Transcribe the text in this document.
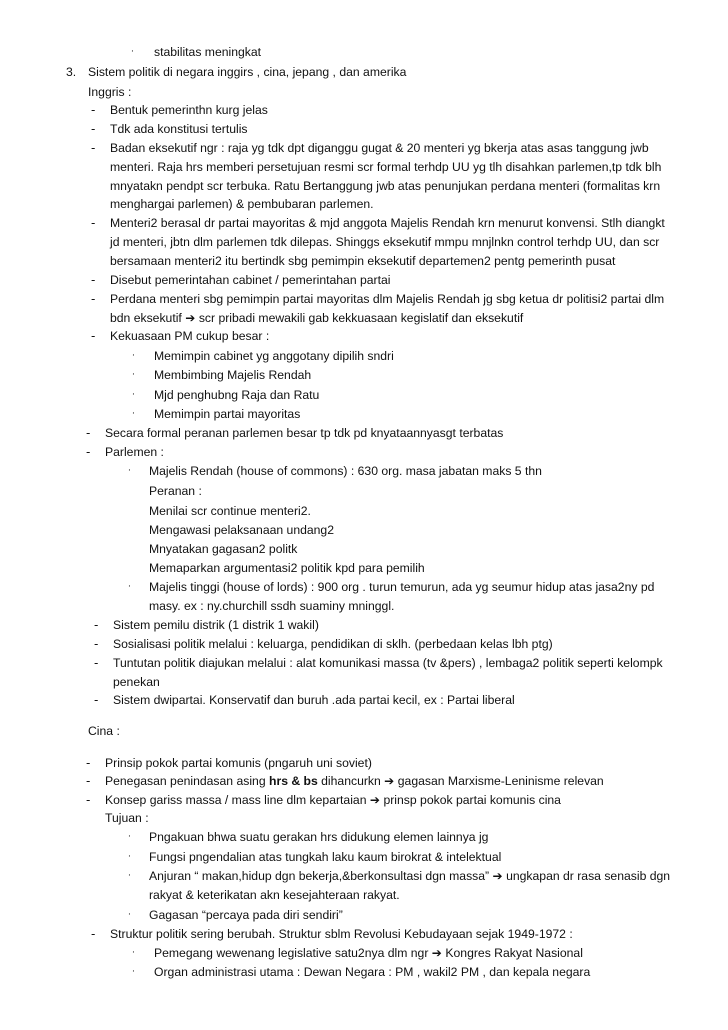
· stabilitas meningkat
3. Sistem politik di negara inggirs , cina, jepang , dan amerika
Inggris :
- Bentuk pemerinthn kurg jelas
- Tdk ada konstitusi tertulis
- Badan eksekutif ngr : raja yg tdk dpt diganggu gugat & 20 menteri yg bkerja atas asas tanggung jwb
menteri. Raja hrs memberi persetujuan resmi scr formal terhdp UU yg tlh disahkan parlemen,tp tdk blh
mnyatakn pendpt scr terbuka. Ratu Bertanggung jwb atas penunjukan perdana menteri (formalitas krn
menghargai parlemen) & pembubaran parlemen.
- Menteri2 berasal dr partai mayoritas & mjd anggota Majelis Rendah krn menurut konvensi. Stlh diangkt
jd menteri, jbtn dlm parlemen tdk dilepas. Shinggs eksekutif mmpu mnjlnkn control terhdp UU, dan scr
bersamaan menteri2 itu bertindk sbg pemimpin eksekutif departemen2 pentg pemerinth pusat
- Disebut pemerintahan cabinet / pemerintahan partai
- Perdana menteri sbg pemimpin partai mayoritas dlm Majelis Rendah jg sbg ketua dr politisi2 partai dlm
bdn eksekutif ➔ scr pribadi mewakili gab kekkuasaan kegislatif dan eksekutif
- Kekuasaan PM cukup besar :
· Memimpin cabinet yg anggotany dipilih sndri
· Membimbing Majelis Rendah
· Mjd penghubng Raja dan Ratu
· Memimpin partai mayoritas
- Secara formal peranan parlemen besar tp tdk pd knyataannyasgt terbatas
- Parlemen :
· Majelis Rendah (house of commons) : 630 org. masa jabatan maks 5 thn
Peranan :
Menilai scr continue menteri2.
Mengawasi pelaksanaan undang2
Mnyatakan gagasan2 politk
Memaparkan argumentasi2 politik kpd para pemilih
· Majelis tinggi (house of lords) : 900 org . turun temurun, ada yg seumur hidup atas jasa2ny pd
masy. ex : ny.churchill ssdh suaminy mninggl.
- Sistem pemilu distrik (1 distrik 1 wakil)
- Sosialisasi politik melalui : keluarga, pendidikan di sklh. (perbedaan kelas lbh ptg)
- Tuntutan politik diajukan melalui : alat komunikasi massa (tv &pers) , lembaga2 politik seperti kelompk
penekan
- Sistem dwipartai. Konservatif dan buruh .ada partai kecil, ex : Partai liberal
Cina :
- Prinsip pokok partai komunis (pngaruh uni soviet)
- Penegasan penindasan asing hrs & bs dihancurkn ➔ gagasan Marxisme-Leninisme relevan
- Konsep gariss massa / mass line dlm kepartaian ➔ prinsp pokok partai komunis cina
Tujuan :
· Pngakuan bhwa suatu gerakan hrs didukung elemen lainnya jg
· Fungsi pngendalian atas tungkah laku kaum birokrat & intelektual
· Anjuran “ makan,hidup dgn bekerja,&berkonsultasi dgn massa” ➔ ungkapan dr rasa senasib dgn
rakyat & keterikatan akn kesejahteraan rakyat.
· Gagasan “percaya pada diri sendiri”
- Struktur politik sering berubah. Struktur sblm Revolusi Kebudayaan sejak 1949-1972 :
· Pemegang wewenang legislative satu2nya dlm ngr ➔ Kongres Rakyat Nasional
· Organ administrasi utama : Dewan Negara : PM , wakil2 PM , dan kepala negara
